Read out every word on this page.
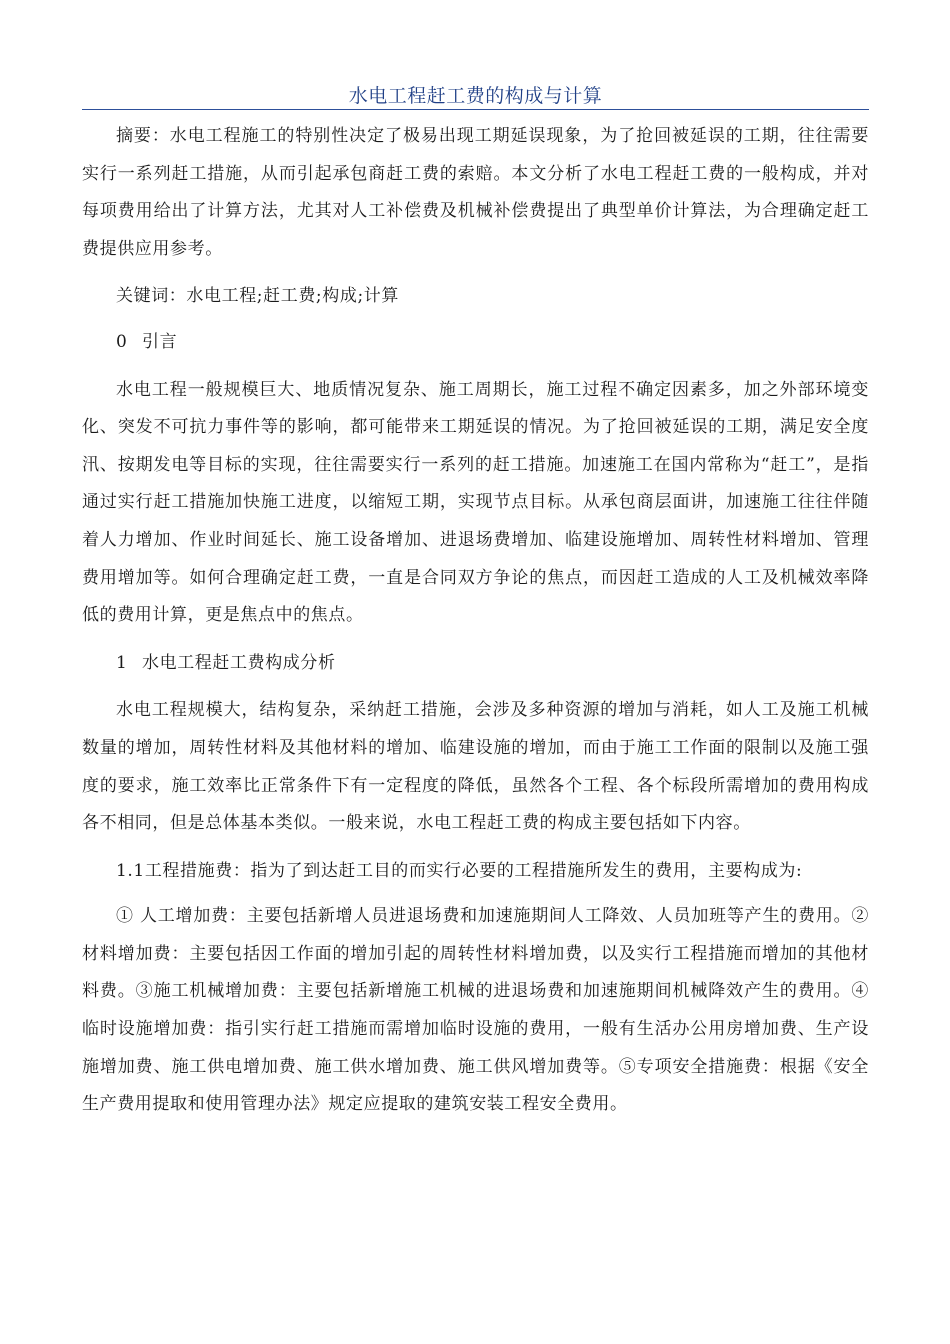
水电工程赶工费的构成与计算

摘要：水电工程施工的特别性决定了极易出现工期延误现象，为了抢回被延误的工期，往往需要实行一系列赶工措施，从而引起承包商赶工费的索赔。本文分析了水电工程赶工费的一般构成，并对每项费用给出了计算方法，尤其对人工补偿费及机械补偿费提出了典型单价计算法，为合理确定赶工费提供应用参考。

关键词：水电工程;赶工费;构成;计算

0 引言

水电工程一般规模巨大、地质情况复杂、施工周期长，施工过程不确定因素多，加之外部环境变化、突发不可抗力事件等的影响，都可能带来工期延误的情况。为了抢回被延误的工期，满足安全度汛、按期发电等目标的实现，往往需要实行一系列的赶工措施。加速施工在国内常称为“赶工”，是指通过实行赶工措施加快施工进度，以缩短工期，实现节点目标。从承包商层面讲，加速施工往往伴随着人力增加、作业时间延长、施工设备增加、进退场费增加、临建设施增加、周转性材料增加、管理费用增加等。如何合理确定赶工费，一直是合同双方争论的焦点，而因赶工造成的人工及机械效率降低的费用计算，更是焦点中的焦点。

1 水电工程赶工费构成分析

水电工程规模大，结构复杂，采纳赶工措施，会涉及多种资源的增加与消耗，如人工及施工机械数量的增加，周转性材料及其他材料的增加、临建设施的增加，而由于施工工作面的限制以及施工强度的要求，施工效率比正常条件下有一定程度的降低，虽然各个工程、各个标段所需增加的费用构成各不相同，但是总体基本类似。一般来说，水电工程赶工费的构成主要包括如下内容。

1.1工程措施费：指为了到达赶工目的而实行必要的工程措施所发生的费用，主要构成为:

① 人工增加费：主要包括新增人员进退场费和加速施期间人工降效、人员加班等产生的费用。②材料增加费：主要包括因工作面的增加引起的周转性材料增加费，以及实行工程措施而增加的其他材料费。③施工机械增加费：主要包括新增施工机械的进退场费和加速施期间机械降效产生的费用。④临时设施增加费：指引实行赶工措施而需增加临时设施的费用，一般有生活办公用房增加费、生产设施增加费、施工供电增加费、施工供水增加费、施工供风增加费等。⑤专项安全措施费：根据《安全生产费用提取和使用管理办法》规定应提取的建筑安装工程安全费用。
